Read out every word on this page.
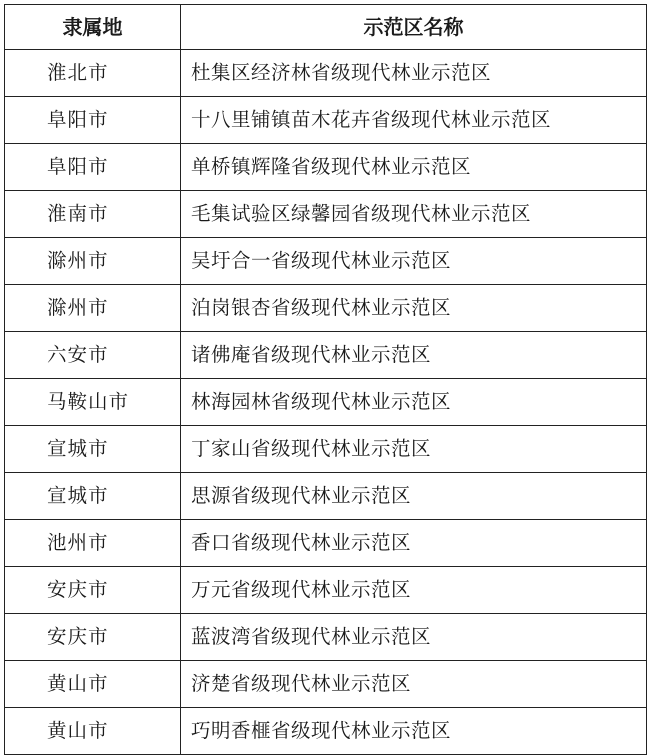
隶属地	示范区名称
淮北市	杜集区经济林省级现代林业示范区
阜阳市	十八里铺镇苗木花卉省级现代林业示范区
阜阳市	单桥镇辉隆省级现代林业示范区
淮南市	毛集试验区绿馨园省级现代林业示范区
滁州市	吴圩合一省级现代林业示范区
滁州市	泊岗银杏省级现代林业示范区
六安市	诸佛庵省级现代林业示范区
马鞍山市	林海园林省级现代林业示范区
宣城市	丁家山省级现代林业示范区
宣城市	思源省级现代林业示范区
池州市	香口省级现代林业示范区
安庆市	万元省级现代林业示范区
安庆市	蓝波湾省级现代林业示范区
黄山市	济楚省级现代林业示范区
黄山市	巧明香榧省级现代林业示范区
